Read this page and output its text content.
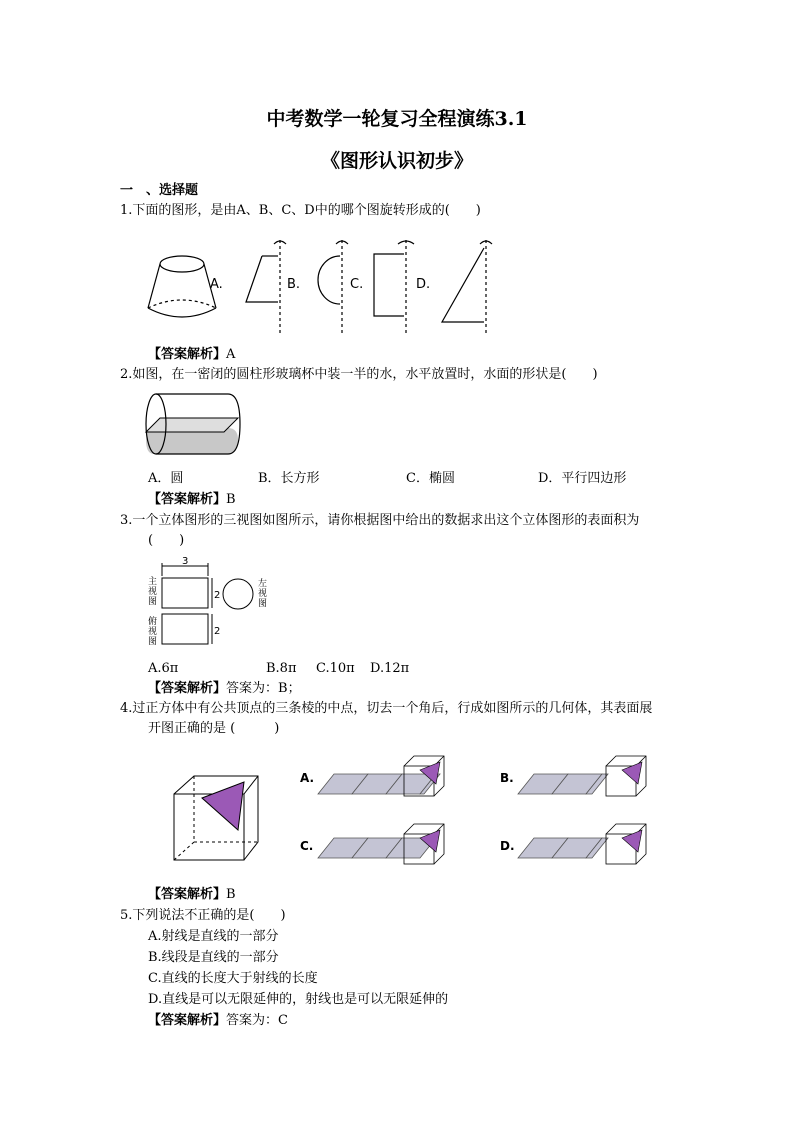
中考数学一轮复习全程演练3.1
《图形认识初步》
一　、选择题
1.下面的图形，是由A、B、C、D中的哪个图旋转形成的(　　)
A.	B.	C.	D.
【答案解析】A
2.如图，在一密闭的圆柱形玻璃杯中装一半的水，水平放置时，水面的形状是(　　)
A．圆	B．长方形	C．椭圆	D．平行四边形
【答案解析】B
3.一个立体图形的三视图如图所示，请你根据图中给出的数据求出这个立体图形的表面积为
(　　)
主
视
图
俯
视
图
左
视
图
3
2
2
A.6π	B.8π C.10π D.12π
【答案解析】答案为：B；
4.过正方体中有公共顶点的三条棱的中点，切去一个角后，行成如图所示的几何体，其表面展
开图正确的是 (　　　)
A.	B.
C.	D.
【答案解析】B
5.下列说法不正确的是(　　)
A.射线是直线的一部分
B.线段是直线的一部分
C.直线的长度大于射线的长度
D.直线是可以无限延伸的，射线也是可以无限延伸的
【答案解析】答案为：C
